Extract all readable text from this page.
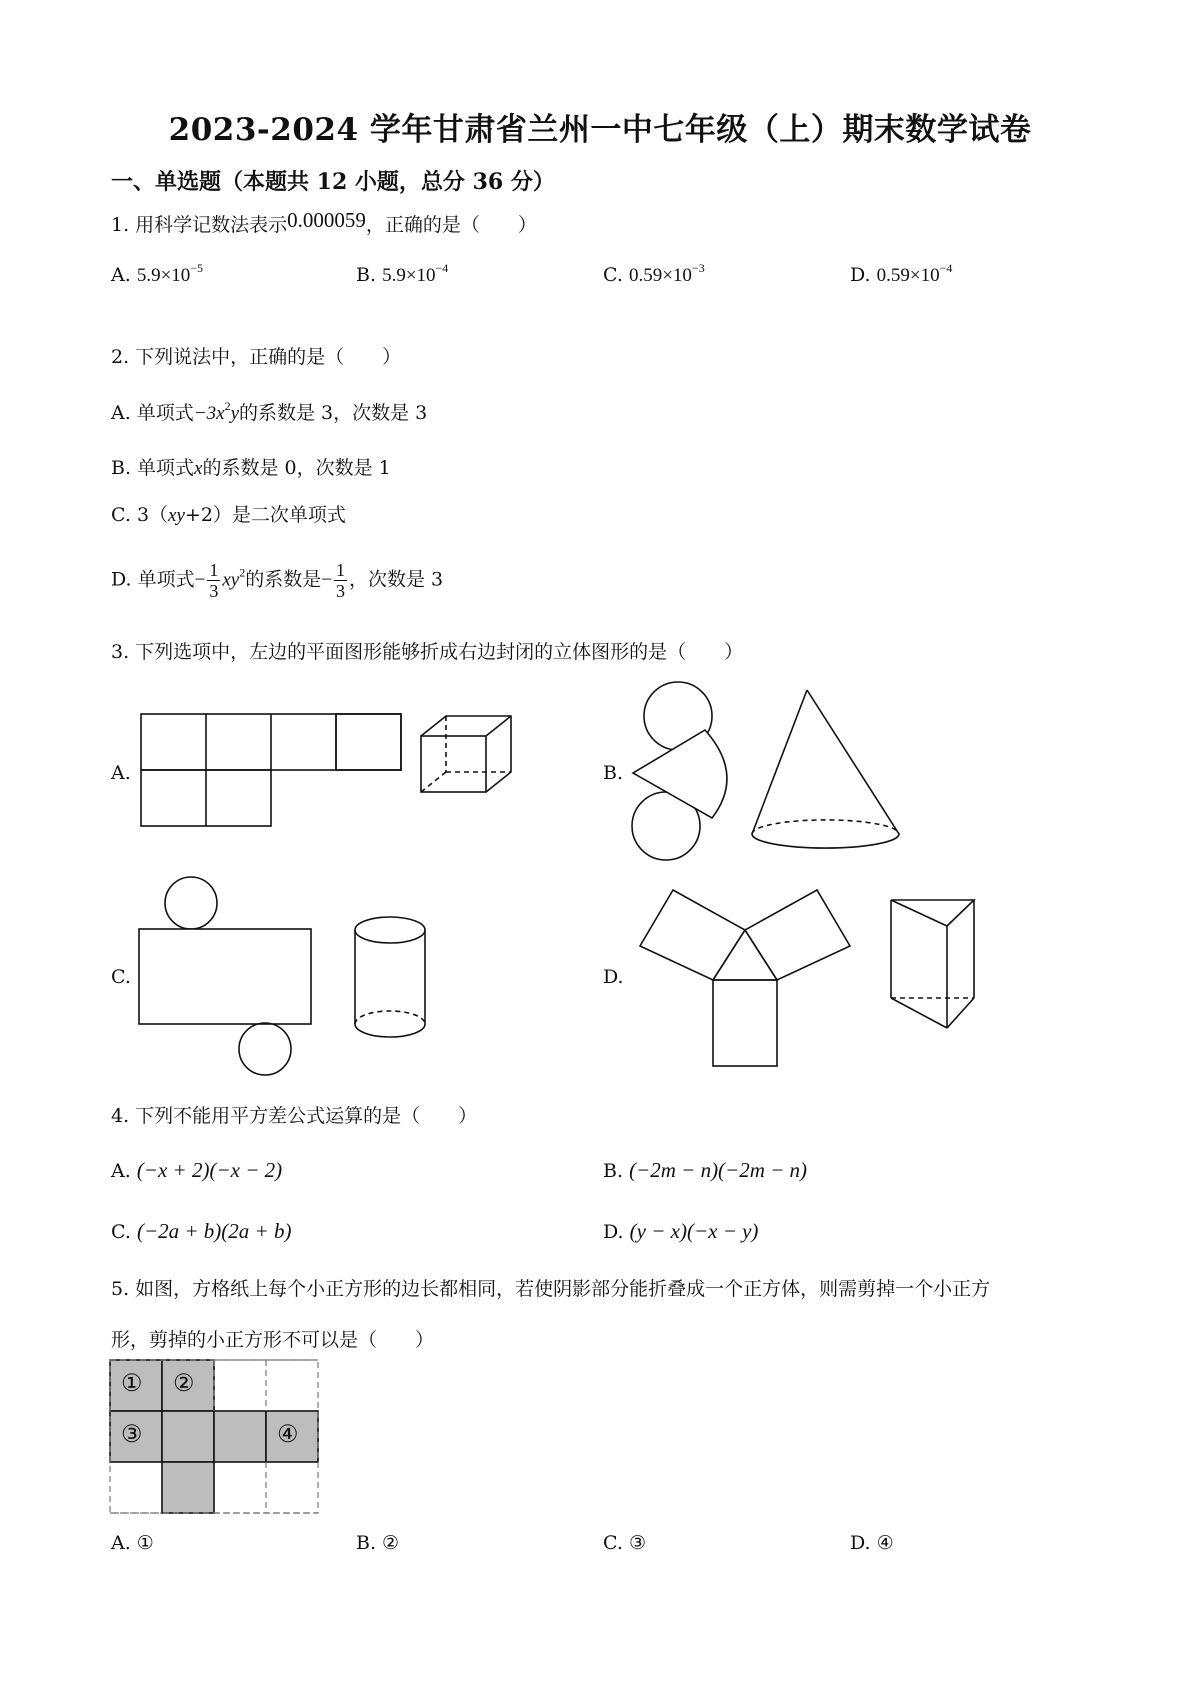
2023-2024 学年甘肃省兰州一中七年级（上）期末数学试卷
一、单选题（本题共 12 小题，总分 36 分）
1. 用科学记数法表示0.000059，正确的是（　　）
A. $5.9\times 10^{-5}$	B. $5.9\times 10^{-4}$	C. $0.59\times 10^{-3}$	D. $0.59\times 10^{-4}$
2. 下列说法中，正确的是（　　）
A. 单项式$-3x^2y$的系数是 3，次数是 3
B. 单项式x的系数是 0，次数是 1
C. 3（xy+2）是二次单项式
D. 单项式− $\frac{1}{3} xy^2$的系数是− $\frac{1}{3}$ ，次数是 3
3. 下列选项中，左边的平面图形能够折成右边封闭的立体图形的是（　　）
A.	B.
C.	D.
4. 下列不能用平方差公式运算的是（　　）
A. (−x + 2)(−x − 2)	B. (−2m − n)(−2m − n)
C. (−2a + b)(2a + b)	D. (y − x)(−x − y)
5. 如图，方格纸上每个小正方形的边长都相同，若使阴影部分能折叠成一个正方体，则需剪掉一个小正方
形，剪掉的小正方形不可以是（　　）
① ②
③	④
A. ①	B. ②	C. ③	D. ④
